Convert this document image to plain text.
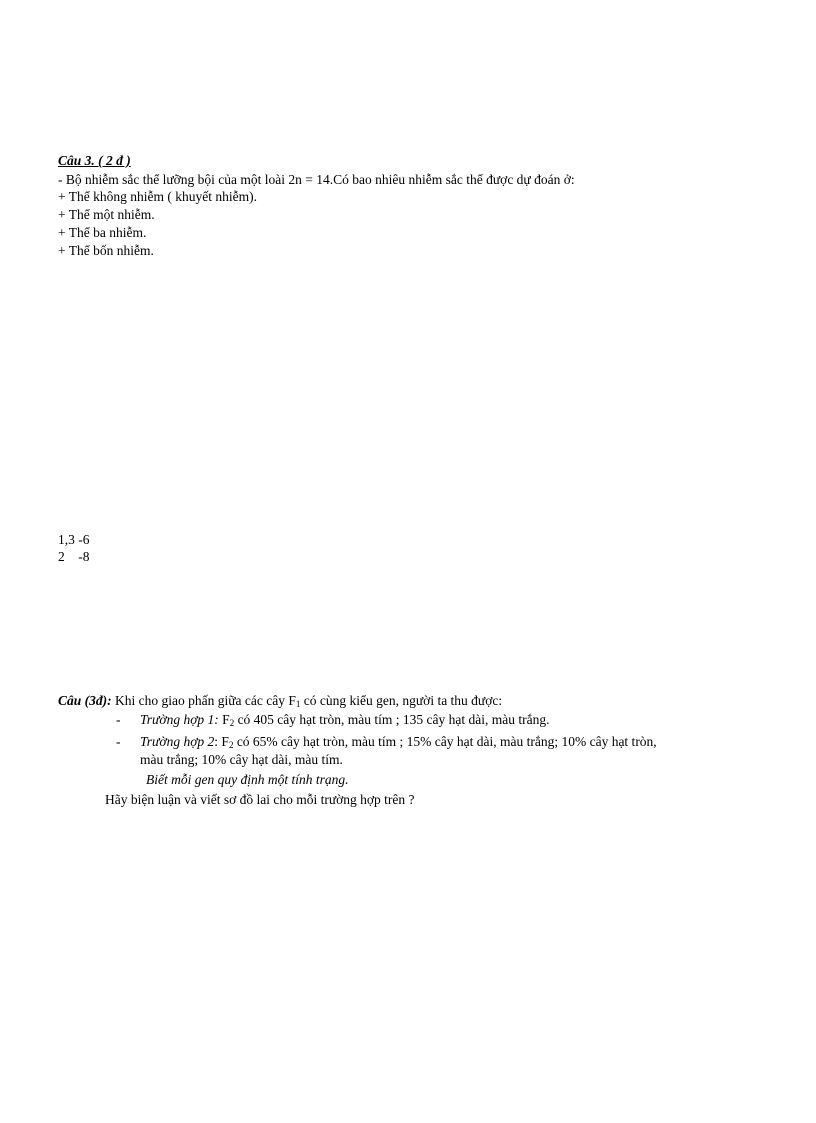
Câu 3. ( 2 đ )
- Bộ nhiễm sắc thể lưỡng bội của một loài 2n = 14.Có bao nhiêu nhiễm sắc thể được dự đoán ở:
+ Thể không nhiễm ( khuyết nhiễm).
+ Thể một nhiễm.
+ Thể ba nhiễm.
+ Thể bốn nhiễm.
1,3 -6
2    -8
Câu (3đ): Khi cho giao phấn giữa các cây $F_1$ có cùng kiểu gen, người ta thu được:
- Trường hợp 1: $F_2$ có 405 cây hạt tròn, màu tím ; 135 cây hạt dài, màu trắng.
- Trường hợp 2: $F_2$ có 65% cây hạt tròn, màu tím ; 15% cây hạt dài, màu trắng; 10% cây hạt tròn,
màu trắng; 10% cây hạt dài, màu tím.
Biết mỗi gen quy định một tính trạng.
Hãy biện luận và viết sơ đồ lai cho mỗi trường hợp trên ?
